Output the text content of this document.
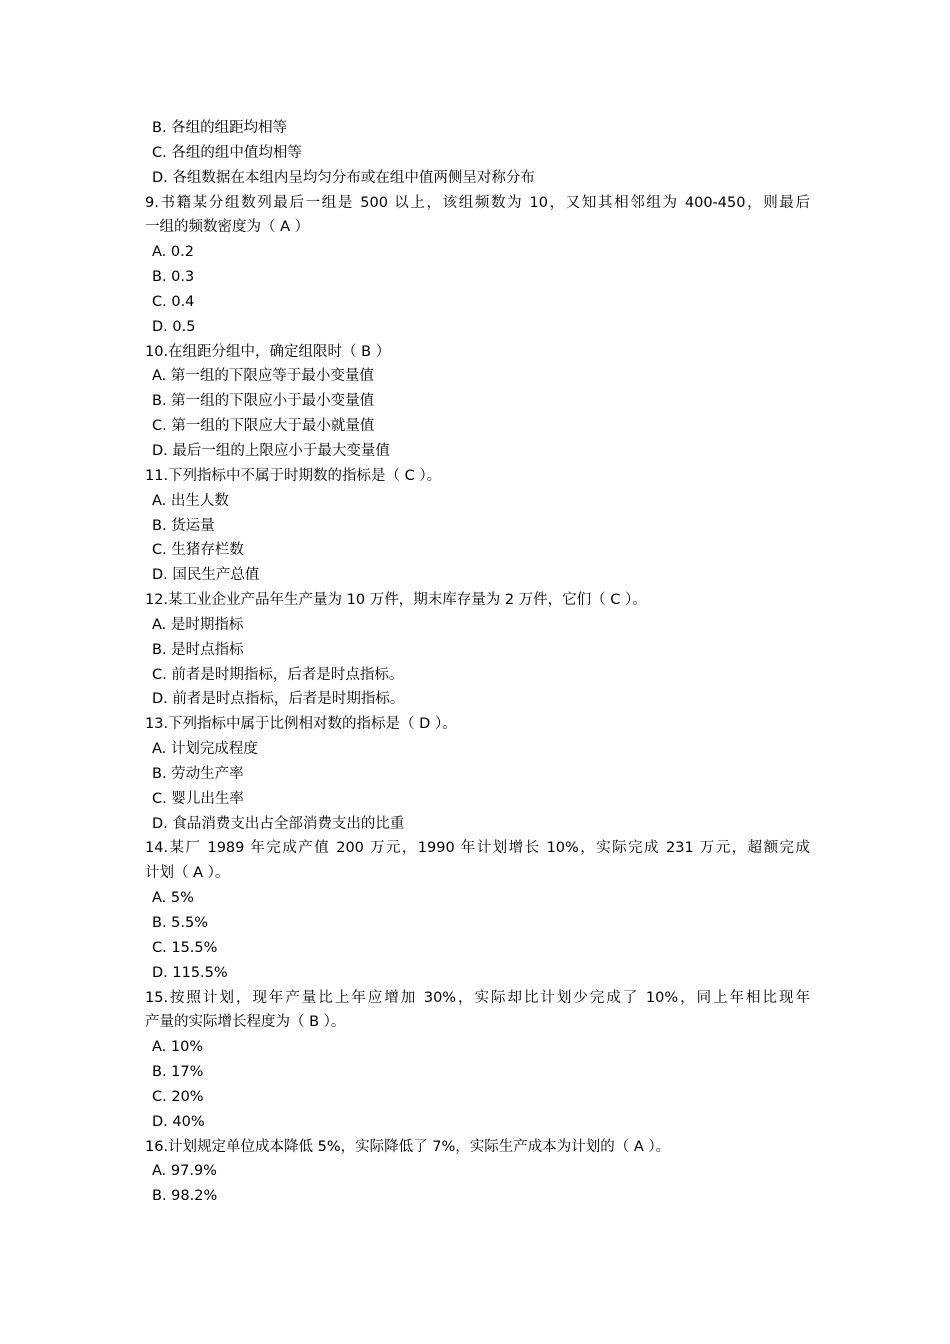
B. 各组的组距均相等
C. 各组的组中值均相等
D. 各组数据在本组内呈均匀分布或在组中值两侧呈对称分布
9.书籍某分组数列最后一组是 500 以上，该组频数为 10，又知其相邻组为 400-450，则最后
一组的频数密度为（ A ）
A. 0.2
B. 0.3
C. 0.4
D. 0.5
10.在组距分组中，确定组限时（ B ）
A. 第一组的下限应等于最小变量值
B. 第一组的下限应小于最小变量值
C. 第一组的下限应大于最小就量值
D. 最后一组的上限应小于最大变量值
11.下列指标中不属于时期数的指标是（ C ）。
A. 出生人数
B. 货运量
C. 生猪存栏数
D. 国民生产总值
12.某工业企业产品年生产量为 10 万件，期末库存量为 2 万件，它们（ C ）。
A. 是时期指标
B. 是时点指标
C. 前者是时期指标，后者是时点指标。
D. 前者是时点指标，后者是时期指标。
13.下列指标中属于比例相对数的指标是（ D ）。
A. 计划完成程度
B. 劳动生产率
C. 婴儿出生率
D. 食品消费支出占全部消费支出的比重
14.某厂 1989 年完成产值 200 万元，1990 年计划增长 10%，实际完成 231 万元，超额完成
计划（ A ）。
A. 5%
B. 5.5%
C. 15.5%
D. 115.5%
15.按照计划，现年产量比上年应增加 30%，实际却比计划少完成了 10%，同上年相比现年
产量的实际增长程度为（ B ）。
A. 10%
B. 17%
C. 20%
D. 40%
16.计划规定单位成本降低 5%，实际降低了 7%，实际生产成本为计划的（ A ）。
A. 97.9%
B. 98.2%
